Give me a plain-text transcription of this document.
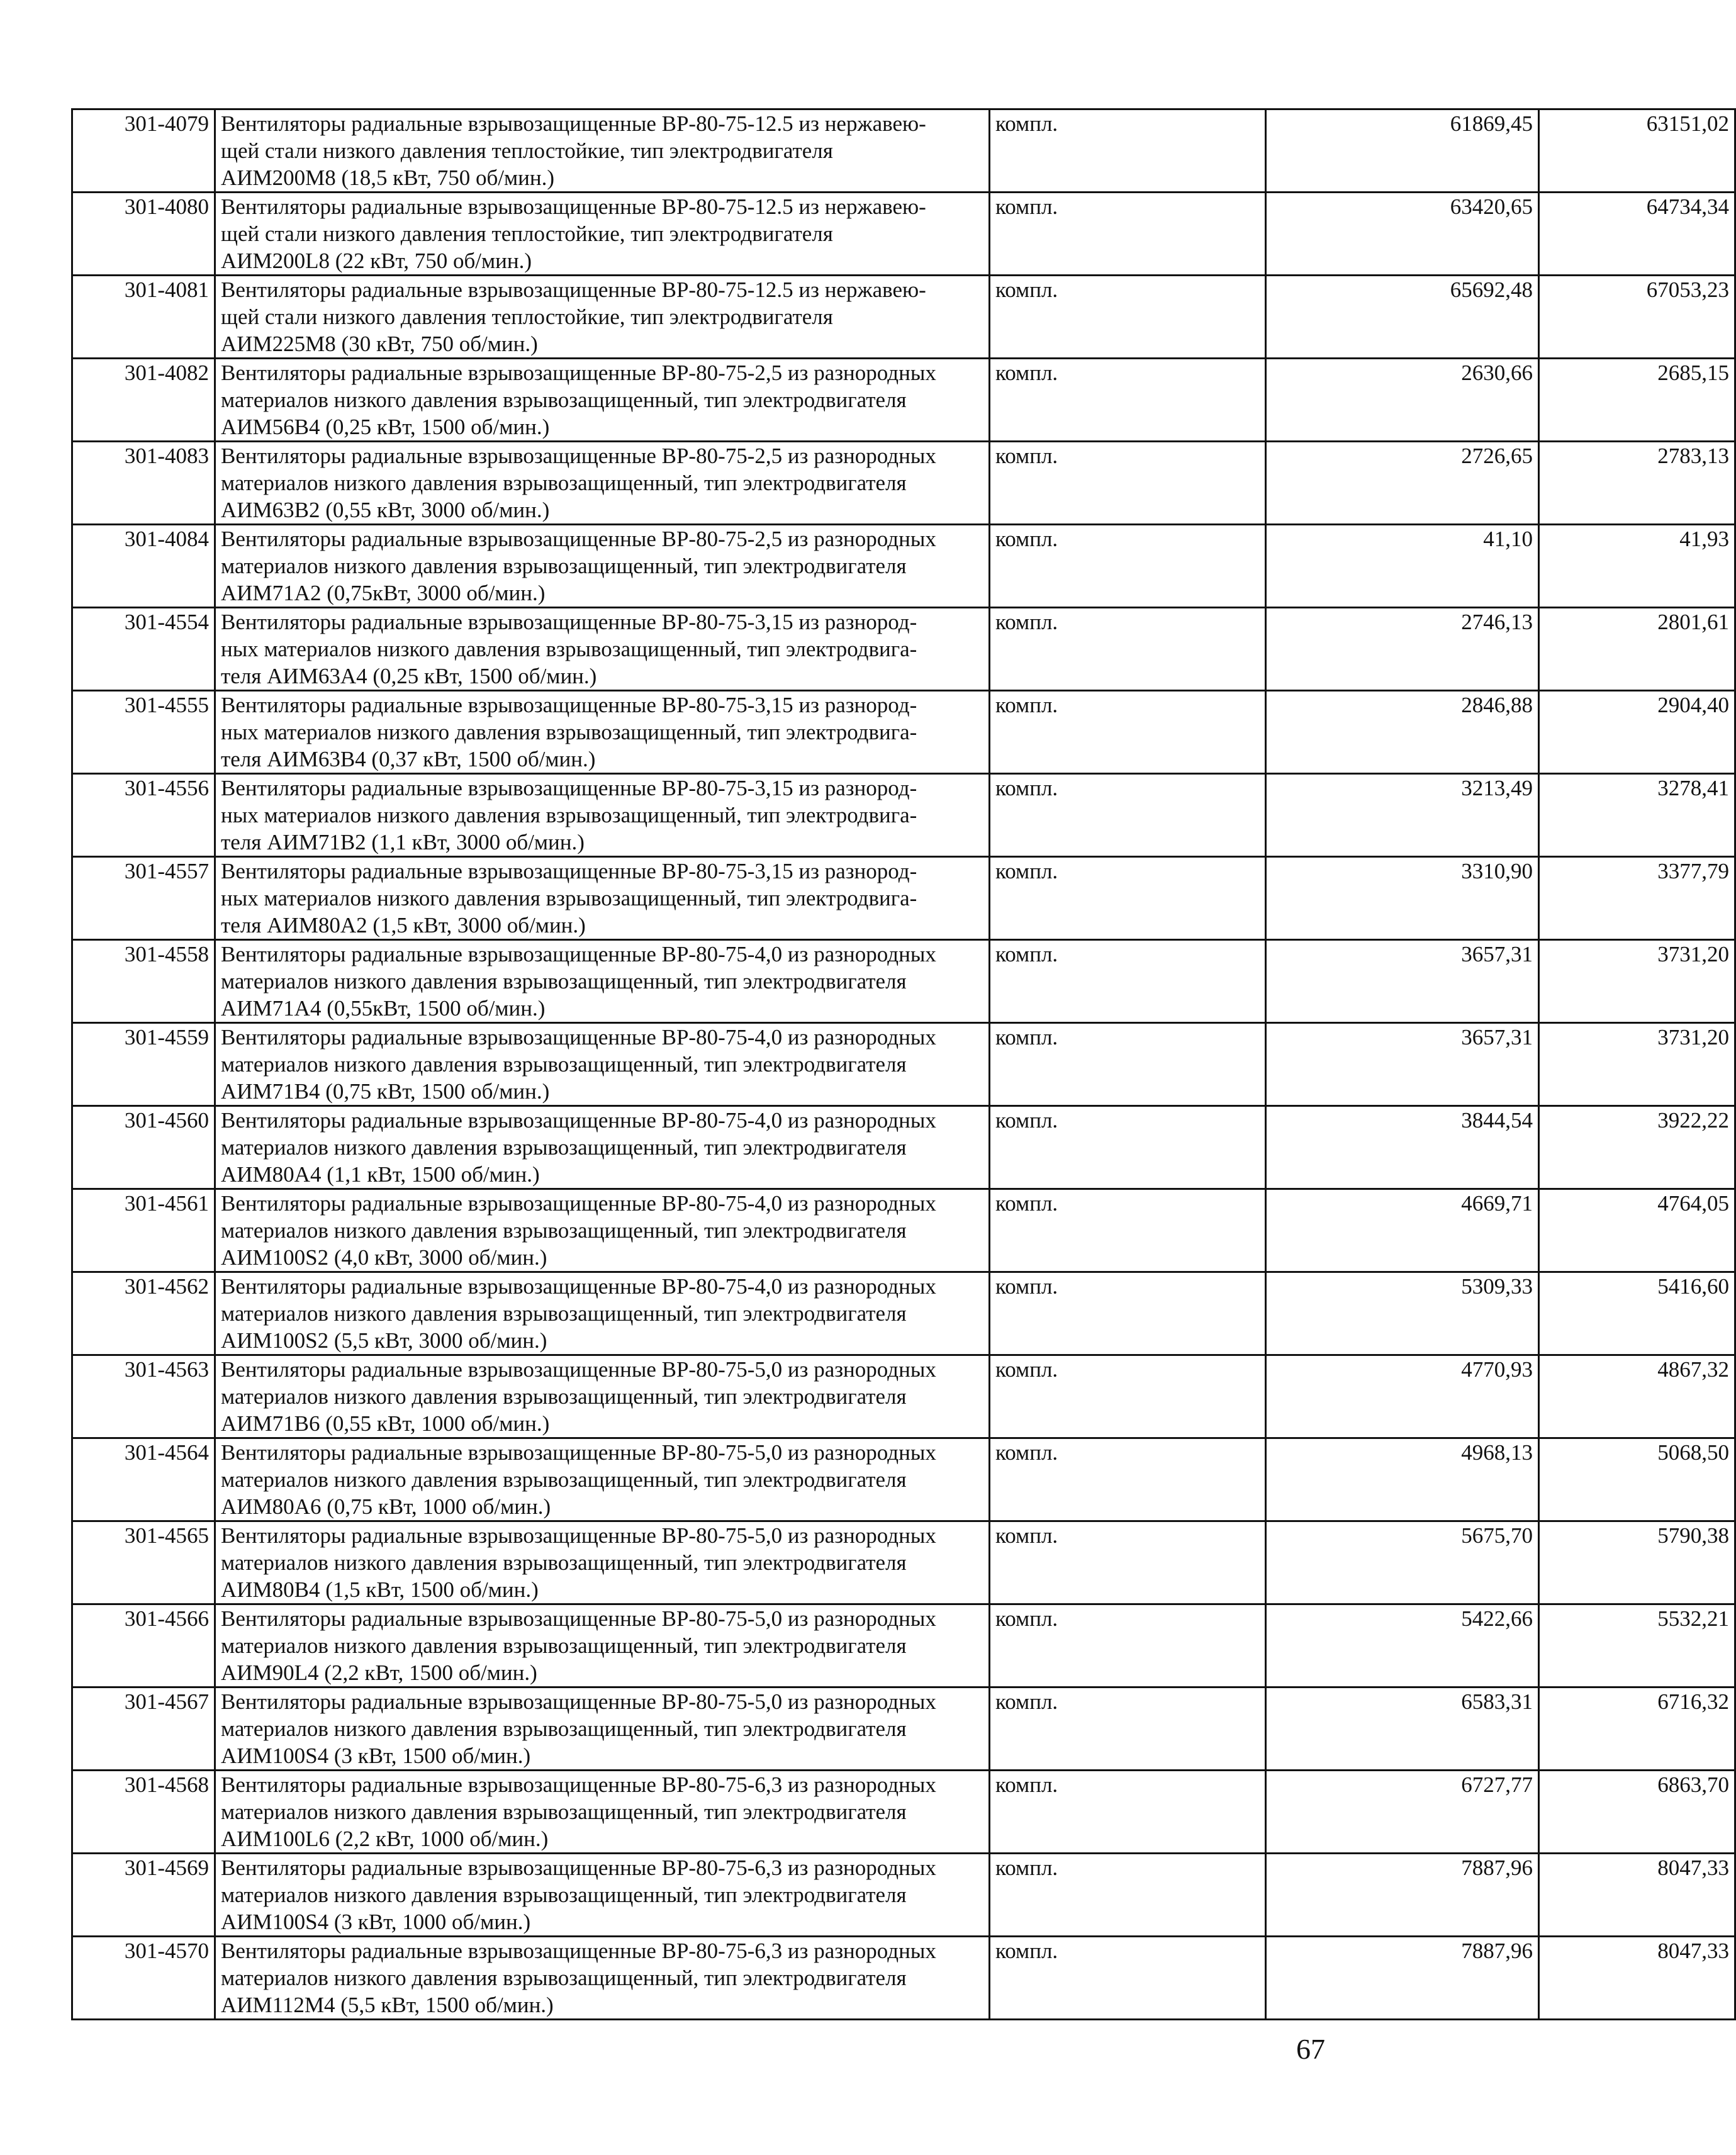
301-4079	Вентиляторы радиальные взрывозащищенные ВР-80-75-12.5 из нержавею-
щей стали низкого давления теплостойкие, тип электродвигателя
АИМ200М8 (18,5 кВт, 750 об/мин.)	компл.	61869,45	63151,02
301-4080	Вентиляторы радиальные взрывозащищенные ВР-80-75-12.5 из нержавею-
щей стали низкого давления теплостойкие, тип электродвигателя
АИМ200L8 (22 кВт, 750 об/мин.)	компл.	63420,65	64734,34
301-4081	Вентиляторы радиальные взрывозащищенные ВР-80-75-12.5 из нержавею-
щей стали низкого давления теплостойкие, тип электродвигателя
АИМ225М8 (30 кВт, 750 об/мин.)	компл.	65692,48	67053,23
301-4082	Вентиляторы радиальные взрывозащищенные ВР-80-75-2,5 из разнородных
материалов низкого давления взрывозащищенный, тип электродвигателя
АИМ56В4 (0,25 кВт, 1500 об/мин.)	компл.	2630,66	2685,15
301-4083	Вентиляторы радиальные взрывозащищенные ВР-80-75-2,5 из разнородных
материалов низкого давления взрывозащищенный, тип электродвигателя
АИМ63В2 (0,55 кВт, 3000 об/мин.)	компл.	2726,65	2783,13
301-4084	Вентиляторы радиальные взрывозащищенные ВР-80-75-2,5 из разнородных
материалов низкого давления взрывозащищенный, тип электродвигателя
АИМ71А2 (0,75кВт, 3000 об/мин.)	компл.	41,10	41,93
301-4554	Вентиляторы радиальные взрывозащищенные ВР-80-75-3,15 из разнород-
ных материалов низкого давления взрывозащищенный, тип электродвига-
теля АИМ63А4 (0,25 кВт, 1500 об/мин.)	компл.	2746,13	2801,61
301-4555	Вентиляторы радиальные взрывозащищенные ВР-80-75-3,15 из разнород-
ных материалов низкого давления взрывозащищенный, тип электродвига-
теля АИМ63В4 (0,37 кВт, 1500 об/мин.)	компл.	2846,88	2904,40
301-4556	Вентиляторы радиальные взрывозащищенные ВР-80-75-3,15 из разнород-
ных материалов низкого давления взрывозащищенный, тип электродвига-
теля АИМ71В2 (1,1 кВт, 3000 об/мин.)	компл.	3213,49	3278,41
301-4557	Вентиляторы радиальные взрывозащищенные ВР-80-75-3,15 из разнород-
ных материалов низкого давления взрывозащищенный, тип электродвига-
теля АИМ80А2 (1,5 кВт, 3000 об/мин.)	компл.	3310,90	3377,79
301-4558	Вентиляторы радиальные взрывозащищенные ВР-80-75-4,0 из разнородных
материалов низкого давления взрывозащищенный, тип электродвигателя
АИМ71А4 (0,55кВт, 1500 об/мин.)	компл.	3657,31	3731,20
301-4559	Вентиляторы радиальные взрывозащищенные ВР-80-75-4,0 из разнородных
материалов низкого давления взрывозащищенный, тип электродвигателя
АИМ71В4 (0,75 кВт, 1500 об/мин.)	компл.	3657,31	3731,20
301-4560	Вентиляторы радиальные взрывозащищенные ВР-80-75-4,0 из разнородных
материалов низкого давления взрывозащищенный, тип электродвигателя
АИМ80А4 (1,1 кВт, 1500 об/мин.)	компл.	3844,54	3922,22
301-4561	Вентиляторы радиальные взрывозащищенные ВР-80-75-4,0 из разнородных
материалов низкого давления взрывозащищенный, тип электродвигателя
АИМ100S2 (4,0 кВт, 3000 об/мин.)	компл.	4669,71	4764,05
301-4562	Вентиляторы радиальные взрывозащищенные ВР-80-75-4,0 из разнородных
материалов низкого давления взрывозащищенный, тип электродвигателя
АИМ100S2 (5,5 кВт, 3000 об/мин.)	компл.	5309,33	5416,60
301-4563	Вентиляторы радиальные взрывозащищенные ВР-80-75-5,0 из разнородных
материалов низкого давления взрывозащищенный, тип электродвигателя
АИМ71В6 (0,55 кВт, 1000 об/мин.)	компл.	4770,93	4867,32
301-4564	Вентиляторы радиальные взрывозащищенные ВР-80-75-5,0 из разнородных
материалов низкого давления взрывозащищенный, тип электродвигателя
АИМ80А6 (0,75 кВт, 1000 об/мин.)	компл.	4968,13	5068,50
301-4565	Вентиляторы радиальные взрывозащищенные ВР-80-75-5,0 из разнородных
материалов низкого давления взрывозащищенный, тип электродвигателя
АИМ80В4 (1,5 кВт, 1500 об/мин.)	компл.	5675,70	5790,38
301-4566	Вентиляторы радиальные взрывозащищенные ВР-80-75-5,0 из разнородных
материалов низкого давления взрывозащищенный, тип электродвигателя
АИМ90L4 (2,2 кВт, 1500 об/мин.)	компл.	5422,66	5532,21
301-4567	Вентиляторы радиальные взрывозащищенные ВР-80-75-5,0 из разнородных
материалов низкого давления взрывозащищенный, тип электродвигателя
АИМ100S4 (3 кВт, 1500 об/мин.)	компл.	6583,31	6716,32
301-4568	Вентиляторы радиальные взрывозащищенные ВР-80-75-6,3 из разнородных
материалов низкого давления взрывозащищенный, тип электродвигателя
АИМ100L6 (2,2 кВт, 1000 об/мин.)	компл.	6727,77	6863,70
301-4569	Вентиляторы радиальные взрывозащищенные ВР-80-75-6,3 из разнородных
материалов низкого давления взрывозащищенный, тип электродвигателя
АИМ100S4 (3 кВт, 1000 об/мин.)	компл.	7887,96	8047,33
301-4570	Вентиляторы радиальные взрывозащищенные ВР-80-75-6,3 из разнородных
материалов низкого давления взрывозащищенный, тип электродвигателя
АИМ112М4 (5,5 кВт, 1500 об/мин.)	компл.	7887,96	8047,33
67
